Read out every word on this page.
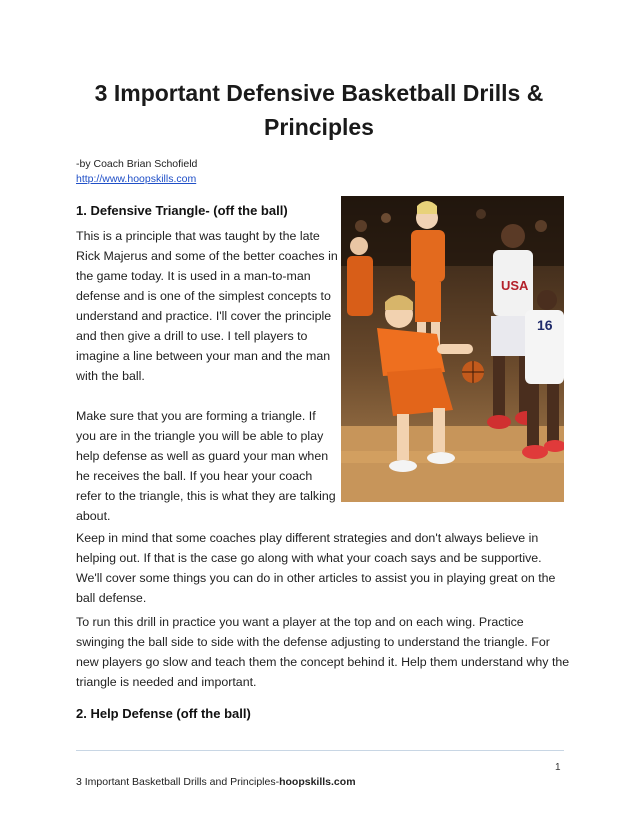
3 Important Defensive Basketball Drills & Principles
-by Coach Brian Schofield
http://www.hoopskills.com
1. Defensive Triangle- (off the ball)
This is a principle that was taught by the late Rick Majerus and some of the better coaches in the game today. It is used in a man-to-man defense and is one of the simplest concepts to understand and practice. I'll cover the principle and then give a drill to use. I tell players to imagine a line between your man and the man with the ball.
Make sure that you are forming a triangle. If you are in the triangle you will be able to play help defense as well as guard your man when he receives the ball. If you hear your coach refer to the triangle, this is what they are talking about.
USA
16
Keep in mind that some coaches play different strategies and don't always believe in helping out. If that is the case go along with what your coach says and be supportive. We'll cover some things you can do in other articles to assist you in playing great on the ball defense.
To run this drill in practice you want a player at the top and on each wing. Practice swinging the ball side to side with the defense adjusting to understand the triangle. For new players go slow and teach them the concept behind it. Help them understand why the triangle is needed and important.
2. Help Defense (off the ball)
1
3 Important Basketball Drills and Principles-hoopskills.com
